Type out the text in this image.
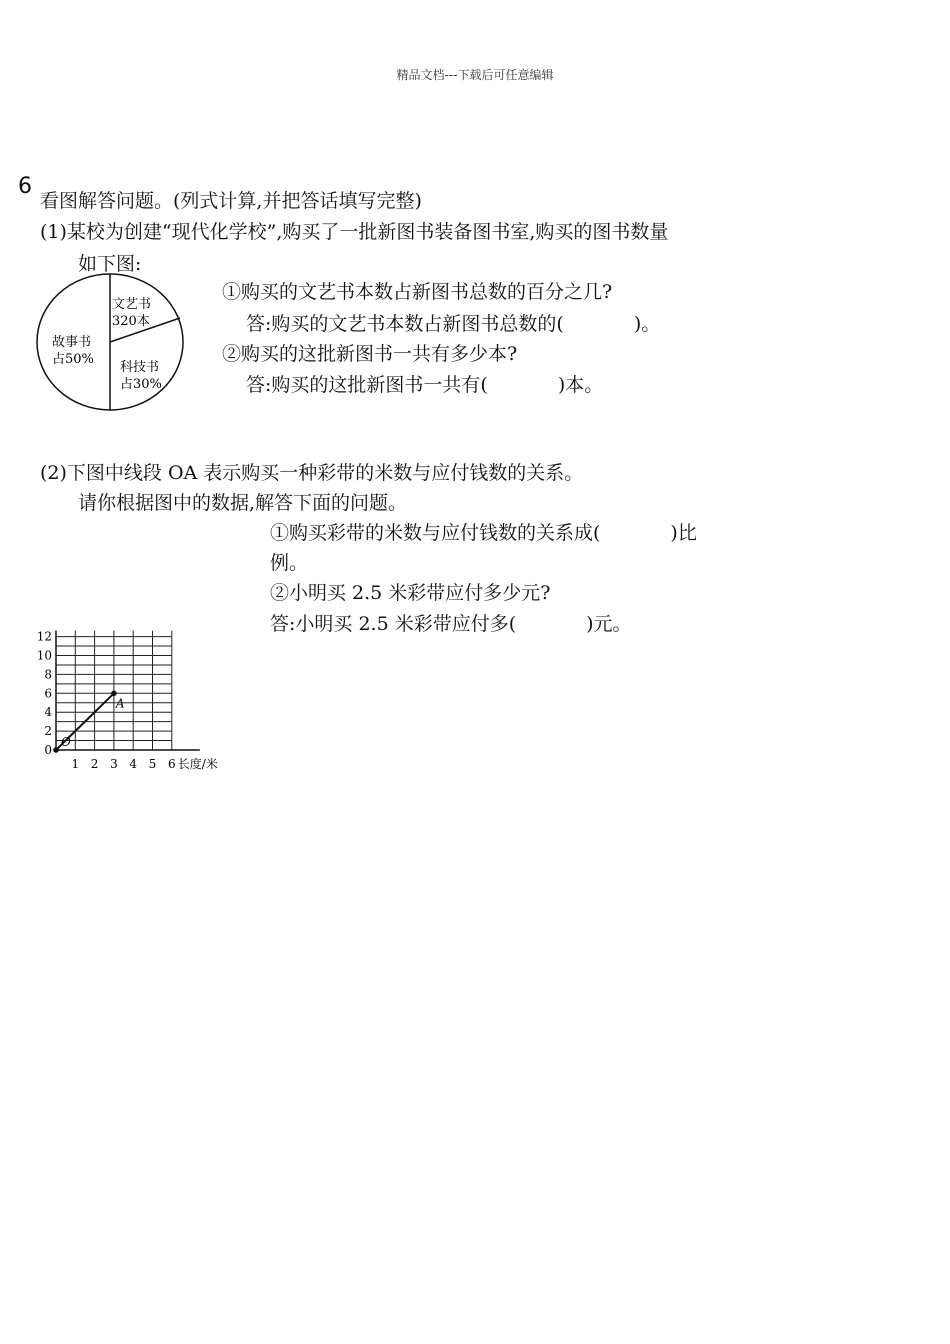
精品文档---下载后可任意编辑
6
看图解答问题。(列式计算,并把答话填写完整)
(1)某校为创建“现代化学校”,购买了一批新图书装备图书室,购买的图书数量
如下图:
文艺书
320本
故事书
占50%
科技书
占30%
①购买的文艺书本数占新图书总数的百分之几?
答:购买的文艺书本数占新图书总数的(	)。
②购买的这批新图书一共有多少本?
答:购买的这批新图书一共有(	)本。
(2)下图中线段 OA 表示购买一种彩带的米数与应付钱数的关系。
请你根据图中的数据,解答下面的问题。
0
2
4
6
8
10
12
1 2 3 4 5 6 长度/米
O
A
①购买彩带的米数与应付钱数的关系成(	)比
例。
②小明买 2.5 米彩带应付多少元?
答:小明买 2.5 米彩带应付多(	)元。
